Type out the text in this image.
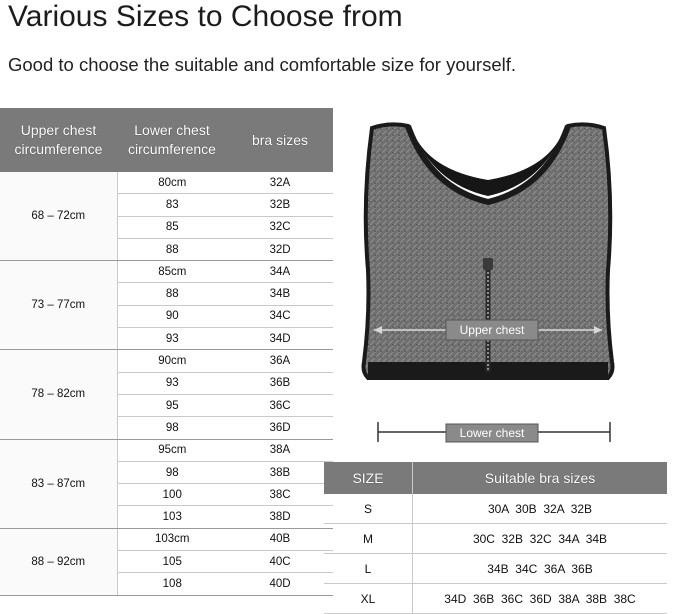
Various Sizes to Choose from
Good to choose the suitable and comfortable size for yourself.
Upper chest circumference	Lower chest circumference	bra sizes
68 – 72cm	80cm	32A
	83	32B
	85	32C
	88	32D
73 – 77cm	85cm	34A
	88	34B
	90	34C
	93	34D
78 – 82cm	90cm	36A
	93	36B
	95	36C
	98	36D
83 – 87cm	95cm	38A
	98	38B
	100	38C
	103	38D
88 – 92cm	103cm	40B
	105	40C
	108	40D
Upper chest
Lower chest
SIZE	Suitable bra sizes
S	30A  30B  32A  32B
M	30C  32B  32C  34A  34B
L	34B  34C  36A  36B
XL	34D  36B  36C  36D  38A  38B  38C
